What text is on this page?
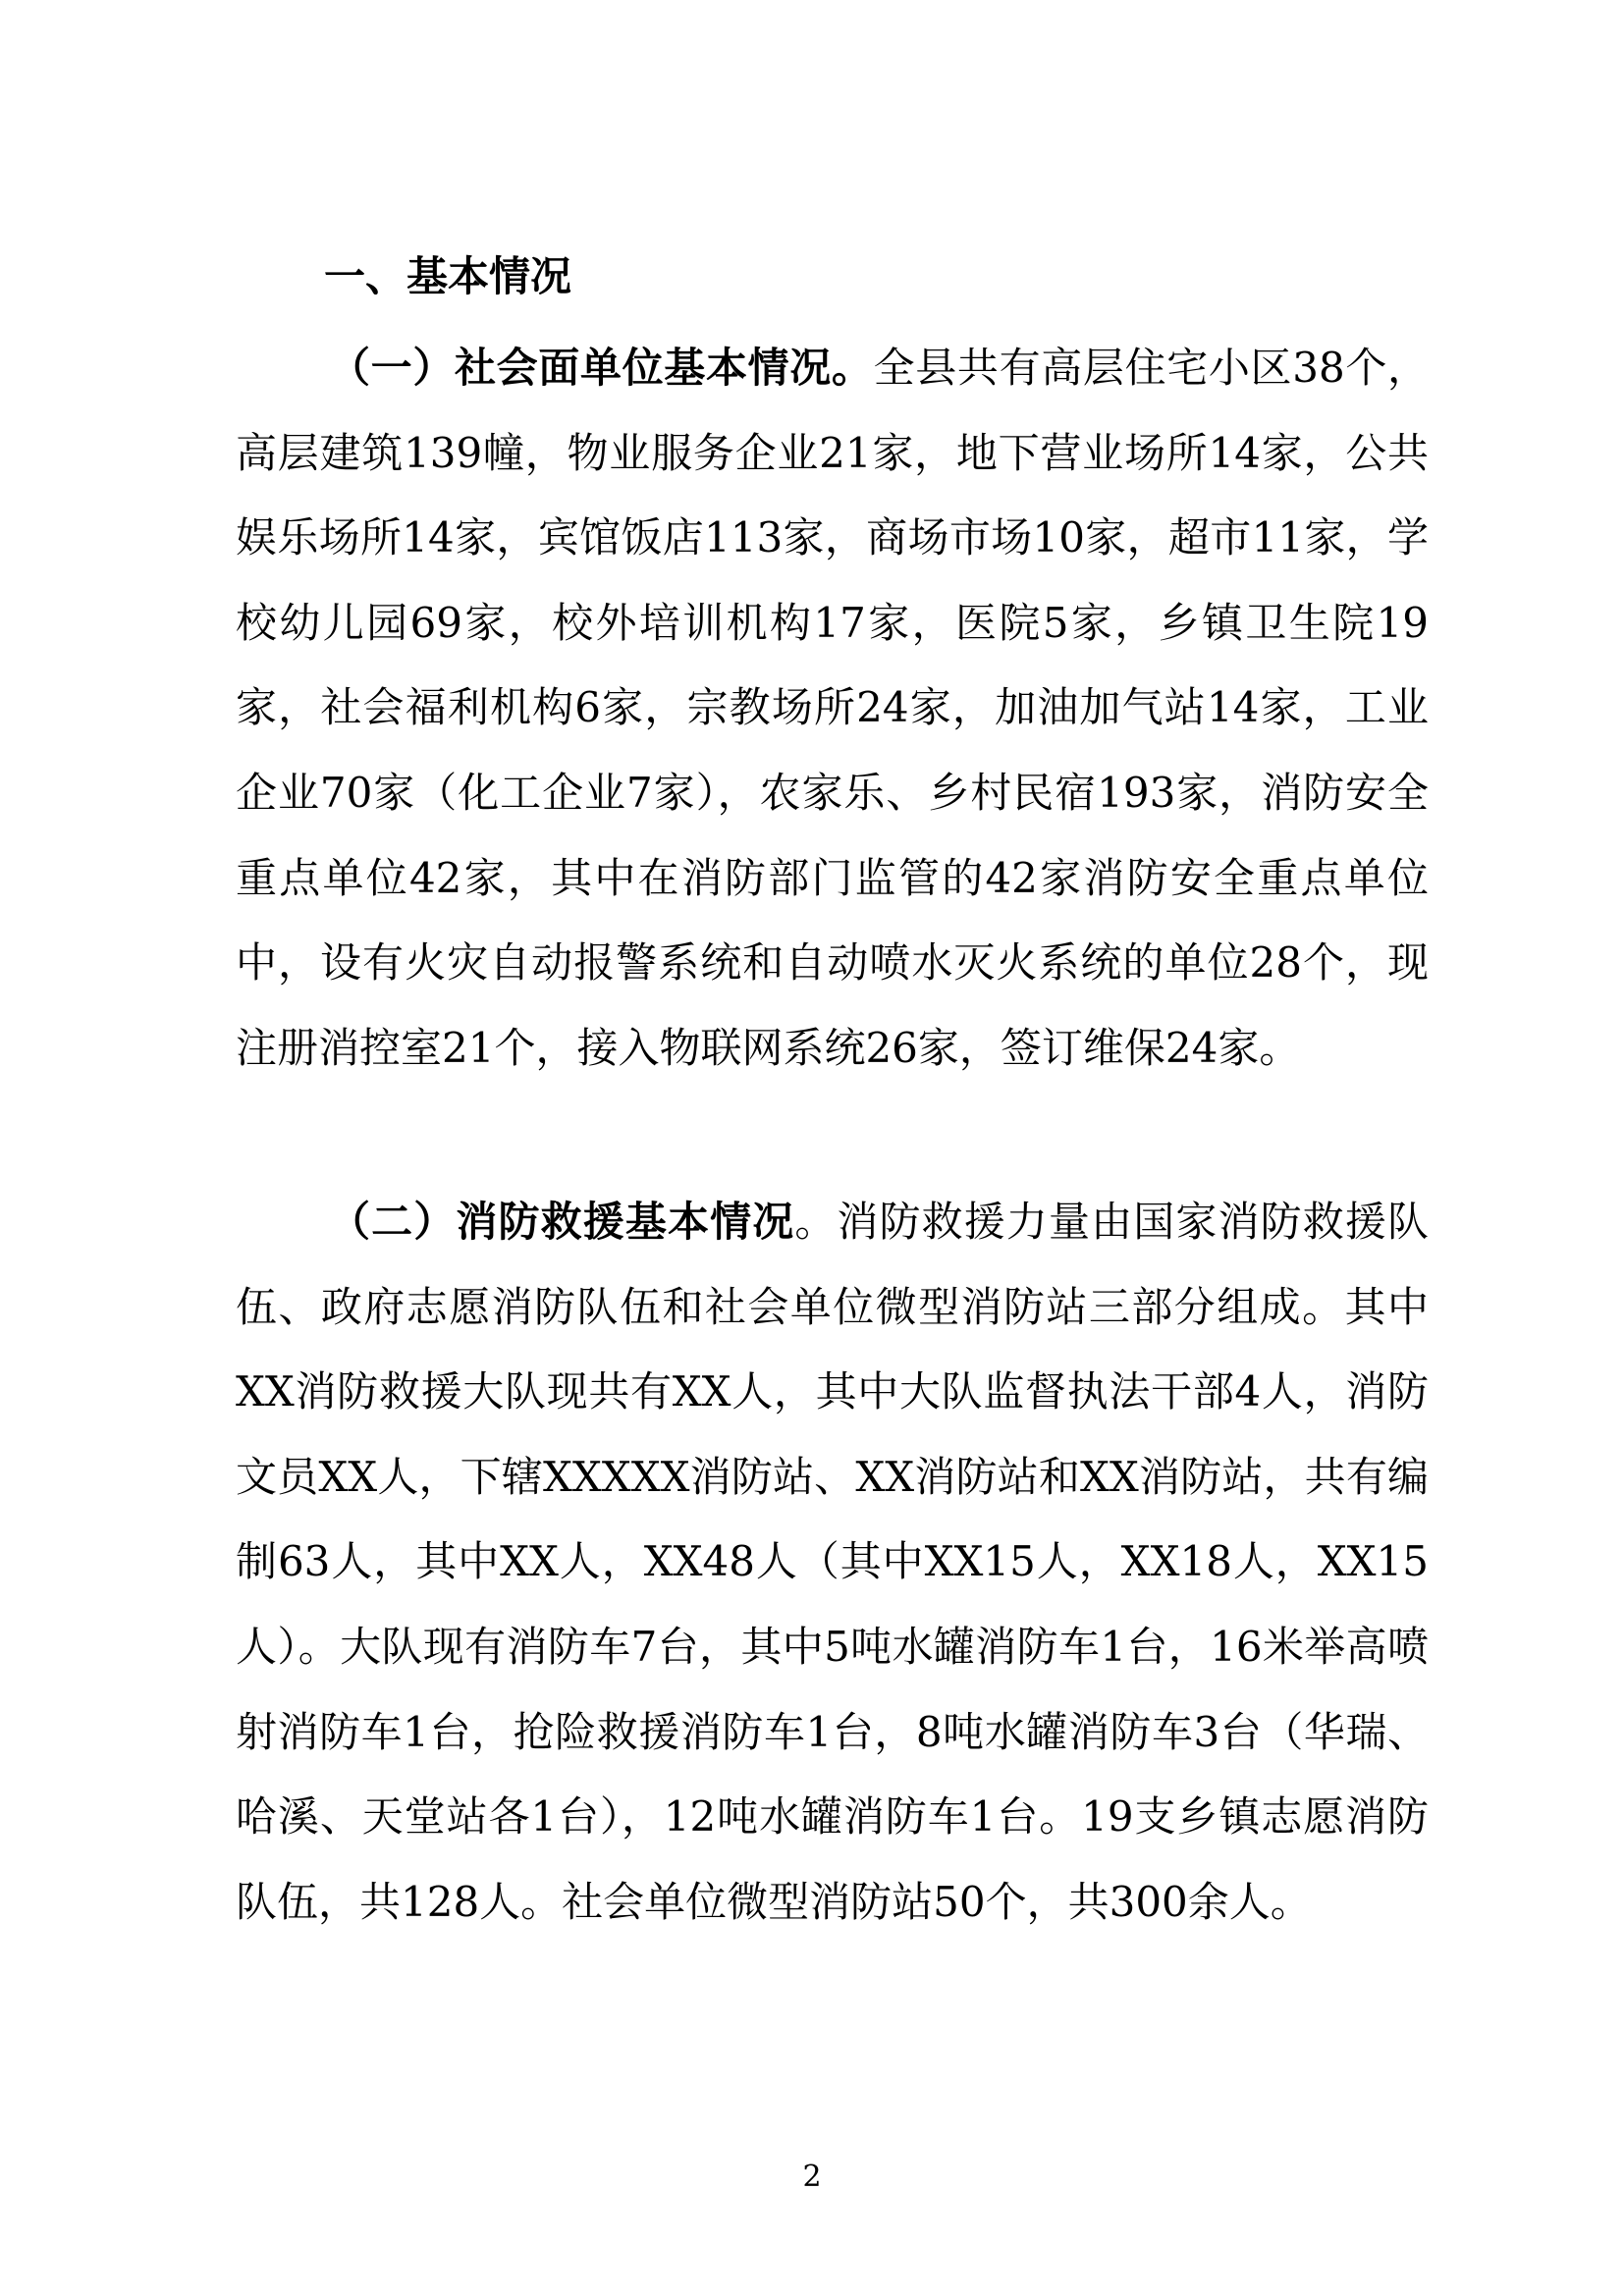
一、基本情况

（一）社会面单位基本情况。全县共有高层住宅小区38个，高层建筑139幢，物业服务企业21家，地下营业场所14家，公共娱乐场所14家，宾馆饭店113家，商场市场10家，超市11家，学校幼儿园69家，校外培训机构17家，医院5家，乡镇卫生院19家，社会福利机构6家，宗教场所24家，加油加气站14家，工业企业70家（化工企业7家），农家乐、乡村民宿193家，消防安全重点单位42家，其中在消防部门监管的42家消防安全重点单位中，设有火灾自动报警系统和自动喷水灭火系统的单位28个，现注册消控室21个，接入物联网系统26家，签订维保24家。

（二）消防救援基本情况。消防救援力量由国家消防救援队伍、政府志愿消防队伍和社会单位微型消防站三部分组成。其中XX消防救援大队现共有XX人，其中大队监督执法干部4人，消防文员XX人，下辖XXXXX消防站、XX消防站和XX消防站，共有编制63人，其中XX人，XX48人（其中XX15人，XX18人，XX15人）。大队现有消防车7台，其中5吨水罐消防车1台，16米举高喷射消防车1台，抢险救援消防车1台，8吨水罐消防车3台（华瑞、哈溪、天堂站各1台），12吨水罐消防车1台。19支乡镇志愿消防队伍，共128人。社会单位微型消防站50个，共300余人。

2
